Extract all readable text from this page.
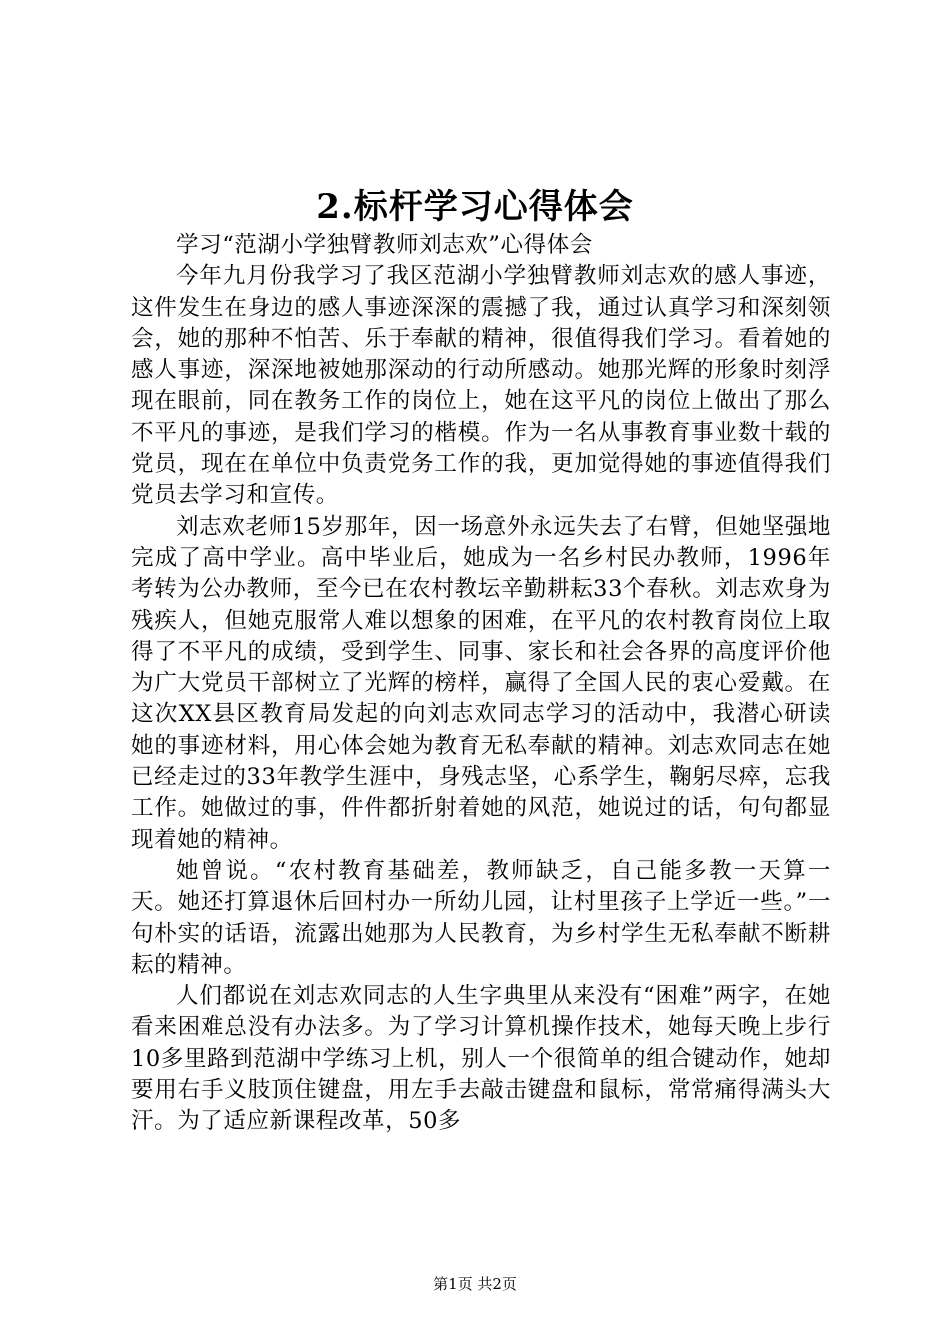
2.标杆学习心得体会

学习“范湖小学独臂教师刘志欢”心得体会

今年九月份我学习了我区范湖小学独臂教师刘志欢的感人事迹，这件发生在身边的感人事迹深深的震撼了我，通过认真学习和深刻领会，她的那种不怕苦、乐于奉献的精神，很值得我们学习。看着她的感人事迹，深深地被她那深动的行动所感动。她那光辉的形象时刻浮现在眼前，同在教务工作的岗位上，她在这平凡的岗位上做出了那么不平凡的事迹，是我们学习的楷模。作为一名从事教育事业数十载的党员，现在在单位中负责党务工作的我，更加觉得她的事迹值得我们党员去学习和宣传。

刘志欢老师15岁那年，因一场意外永远失去了右臂，但她坚强地完成了高中学业。高中毕业后，她成为一名乡村民办教师，1996年考转为公办教师，至今已在农村教坛辛勤耕耘33个春秋。刘志欢身为残疾人，但她克服常人难以想象的困难，在平凡的农村教育岗位上取得了不平凡的成绩，受到学生、同事、家长和社会各界的高度评价他为广大党员干部树立了光辉的榜样，赢得了全国人民的衷心爱戴。在这次XX县区教育局发起的向刘志欢同志学习的活动中，我潜心研读她的事迹材料，用心体会她为教育无私奉献的精神。刘志欢同志在她已经走过的33年教学生涯中，身残志坚，心系学生，鞠躬尽瘁，忘我工作。她做过的事，件件都折射着她的风范，她说过的话，句句都显现着她的精神。

她曾说。“农村教育基础差，教师缺乏，自己能多教一天算一天。她还打算退休后回村办一所幼儿园，让村里孩子上学近一些。”一句朴实的话语，流露出她那为人民教育，为乡村学生无私奉献不断耕耘的精神。

人们都说在刘志欢同志的人生字典里从来没有“困难”两字，在她看来困难总没有办法多。为了学习计算机操作技术，她每天晚上步行10多里路到范湖中学练习上机，别人一个很简单的组合键动作，她却要用右手义肢顶住键盘，用左手去敲击键盘和鼠标，常常痛得满头大汗。为了适应新课程改革，50多

第1页 共2页
